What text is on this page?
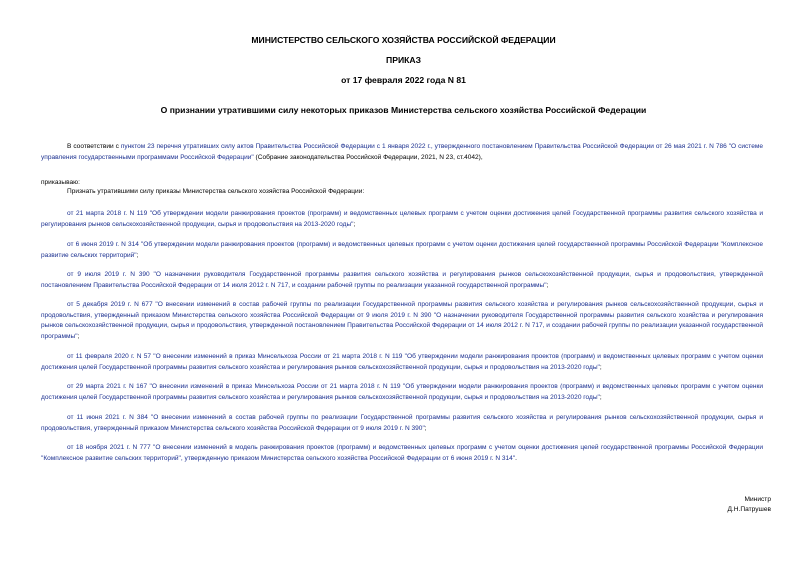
МИНИСТЕРСТВО СЕЛЬСКОГО ХОЗЯЙСТВА РОССИЙСКОЙ ФЕДЕРАЦИИ
ПРИКАЗ
от 17 февраля 2022 года N 81
О признании утратившими силу некоторых приказов Министерства сельского хозяйства Российской Федерации
В соответствии с пунктом 23 перечня утративших силу актов Правительства Российской Федерации с 1 января 2022 г., утвержденного постановлением Правительства Российской Федерации от 26 мая 2021 г. N 786 "О системе управления государственными программами Российской Федерации" (Собрание законодательства Российской Федерации, 2021, N 23, ст.4042),
приказываю:
Признать утратившими силу приказы Министерства сельского хозяйства Российской Федерации:
от 21 марта 2018 г. N 119 "Об утверждении модели ранжирования проектов (программ) и ведомственных целевых программ с учетом оценки достижения целей Государственной программы развития сельского хозяйства и регулирования рынков сельскохозяйственной продукции, сырья и продовольствия на 2013-2020 годы";
от 6 июня 2019 г. N 314 "Об утверждении модели ранжирования проектов (программ) и ведомственных целевых программ с учетом оценки достижения целей государственной программы Российской Федерации "Комплексное развитие сельских территорий";
от 9 июля 2019 г. N 390 "О назначении руководителя Государственной программы развития сельского хозяйства и регулирования рынков сельскохозяйственной продукции, сырья и продовольствия, утвержденной постановлением Правительства Российской Федерации от 14 июля 2012 г. N 717, и создании рабочей группы по реализации указанной государственной программы";
от 5 декабря 2019 г. N 677 "О внесении изменений в состав рабочей группы по реализации Государственной программы развития сельского хозяйства и регулирования рынков сельскохозяйственной продукции, сырья и продовольствия, утвержденный приказом Министерства сельского хозяйства Российской Федерации от 9 июля 2019 г. N 390 "О назначении руководителя Государственной программы развития сельского хозяйства и регулирования рынков сельскохозяйственной продукции, сырья и продовольствия, утвержденной постановлением Правительства Российской Федерации от 14 июля 2012 г. N 717, и создании рабочей группы по реализации указанной государственной программы";
от 11 февраля 2020 г. N 57 "О внесении изменений в приказ Минсельхоза России от 21 марта 2018 г. N 119 "Об утверждении модели ранжирования проектов (программ) и ведомственных целевых программ с учетом оценки достижения целей Государственной программы развития сельского хозяйства и регулирования рынков сельскохозяйственной продукции, сырья и продовольствия на 2013-2020 годы";
от 29 марта 2021 г. N 167 "О внесении изменений в приказ Минсельхоза России от 21 марта 2018 г. N 119 "Об утверждении модели ранжирования проектов (программ) и ведомственных целевых программ с учетом оценки достижения целей Государственной программы развития сельского хозяйства и регулирования рынков сельскохозяйственной продукции, сырья и продовольствия на 2013-2020 годы";
от 11 июня 2021 г. N 384 "О внесении изменений в состав рабочей группы по реализации Государственной программы развития сельского хозяйства и регулирования рынков сельскохозяйственной продукции, сырья и продовольствия, утвержденный приказом Министерства сельского хозяйства Российской Федерации от 9 июля 2019 г. N 390";
от 18 ноября 2021 г. N 777 "О внесении изменений в модель ранжирования проектов (программ) и ведомственных целевых программ с учетом оценки достижения целей государственной программы Российской Федерации "Комплексное развитие сельских территорий", утвержденную приказом Министерства сельского хозяйства Российской Федерации от 6 июня 2019 г. N 314".
Министр
Д.Н.Патрушев
